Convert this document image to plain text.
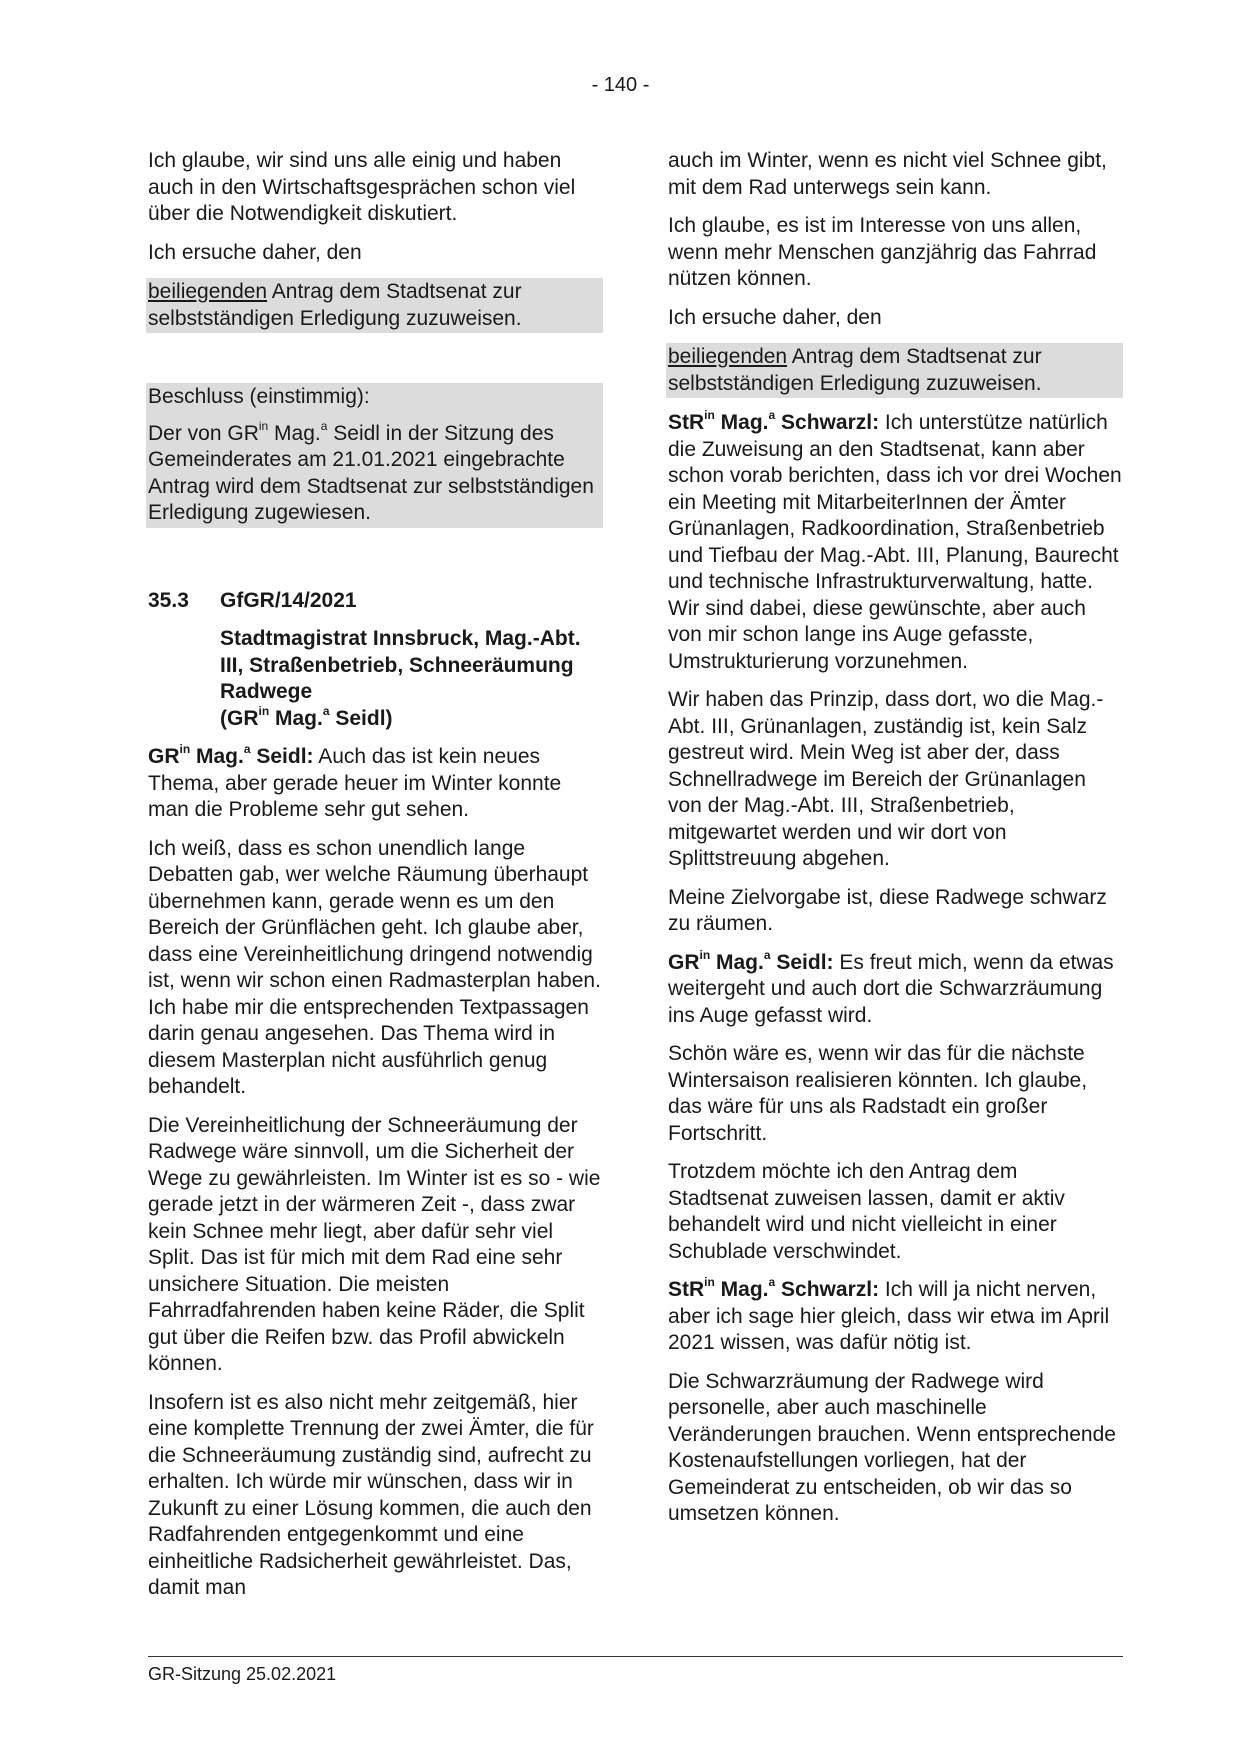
- 140 -

Ich glaube, wir sind uns alle einig und haben auch in den Wirtschaftsgesprächen schon viel über die Notwendigkeit diskutiert.

Ich ersuche daher, den

beiliegenden Antrag dem Stadtsenat zur selbstständigen Erledigung zuzuweisen.

Beschluss (einstimmig):

Der von $GR^{in}$ Mag.$^a$ Seidl in der Sitzung des Gemeinderates am 21.01.2021 eingebrachte Antrag wird dem Stadtsenat zur selbstständigen Erledigung zugewiesen.

35.3	GfGR/14/2021
Stadtmagistrat Innsbruck, Mag.-Abt. III, Straßenbetrieb, Schneeräumung Radwege
($GR^{in}$ Mag.$^a$ Seidl)

$GR^{in}$ Mag.$^a$ Seidl: Auch das ist kein neues Thema, aber gerade heuer im Winter konnte man die Probleme sehr gut sehen.

Ich weiß, dass es schon unendlich lange Debatten gab, wer welche Räumung überhaupt übernehmen kann, gerade wenn es um den Bereich der Grünflächen geht. Ich glaube aber, dass eine Vereinheitlichung dringend notwendig ist, wenn wir schon einen Radmasterplan haben. Ich habe mir die entsprechenden Textpassagen darin genau angesehen. Das Thema wird in diesem Masterplan nicht ausführlich genug behandelt.

Die Vereinheitlichung der Schneeräumung der Radwege wäre sinnvoll, um die Sicherheit der Wege zu gewährleisten. Im Winter ist es so - wie gerade jetzt in der wärmeren Zeit -, dass zwar kein Schnee mehr liegt, aber dafür sehr viel Split. Das ist für mich mit dem Rad eine sehr unsichere Situation. Die meisten Fahrradfahrenden haben keine Räder, die Split gut über die Reifen bzw. das Profil abwickeln können.

Insofern ist es also nicht mehr zeitgemäß, hier eine komplette Trennung der zwei Ämter, die für die Schneeräumung zuständig sind, aufrecht zu erhalten. Ich würde mir wünschen, dass wir in Zukunft zu einer Lösung kommen, die auch den Radfahrenden entgegenkommt und eine einheitliche Radsicherheit gewährleistet. Das, damit man

auch im Winter, wenn es nicht viel Schnee gibt, mit dem Rad unterwegs sein kann.

Ich glaube, es ist im Interesse von uns allen, wenn mehr Menschen ganzjährig das Fahrrad nützen können.

Ich ersuche daher, den

beiliegenden Antrag dem Stadtsenat zur selbstständigen Erledigung zuzuweisen.

StR$^{in}$ Mag.$^a$ Schwarzl: Ich unterstütze natürlich die Zuweisung an den Stadtsenat, kann aber schon vorab berichten, dass ich vor drei Wochen ein Meeting mit MitarbeiterInnen der Ämter Grünanlagen, Radkoordination, Straßenbetrieb und Tiefbau der Mag.-Abt. III, Planung, Baurecht und technische Infrastrukturverwaltung, hatte. Wir sind dabei, diese gewünschte, aber auch von mir schon lange ins Auge gefasste, Umstrukturierung vorzunehmen.

Wir haben das Prinzip, dass dort, wo die Mag.-Abt. III, Grünanlagen, zuständig ist, kein Salz gestreut wird. Mein Weg ist aber der, dass Schnellradwege im Bereich der Grünanlagen von der Mag.-Abt. III, Straßenbetrieb, mitgewartet werden und wir dort von Splittstreuung abgehen.

Meine Zielvorgabe ist, diese Radwege schwarz zu räumen.

$GR^{in}$ Mag.$^a$ Seidl: Es freut mich, wenn da etwas weitergeht und auch dort die Schwarzräumung ins Auge gefasst wird.

Schön wäre es, wenn wir das für die nächste Wintersaison realisieren könnten. Ich glaube, das wäre für uns als Radstadt ein großer Fortschritt.

Trotzdem möchte ich den Antrag dem Stadtsenat zuweisen lassen, damit er aktiv behandelt wird und nicht vielleicht in einer Schublade verschwindet.

StR$^{in}$ Mag.$^a$ Schwarzl: Ich will ja nicht nerven, aber ich sage hier gleich, dass wir etwa im April 2021 wissen, was dafür nötig ist.

Die Schwarzräumung der Radwege wird personelle, aber auch maschinelle Veränderungen brauchen. Wenn entsprechende Kostenaufstellungen vorliegen, hat der Gemeinderat zu entscheiden, ob wir das so umsetzen können.

GR-Sitzung 25.02.2021
